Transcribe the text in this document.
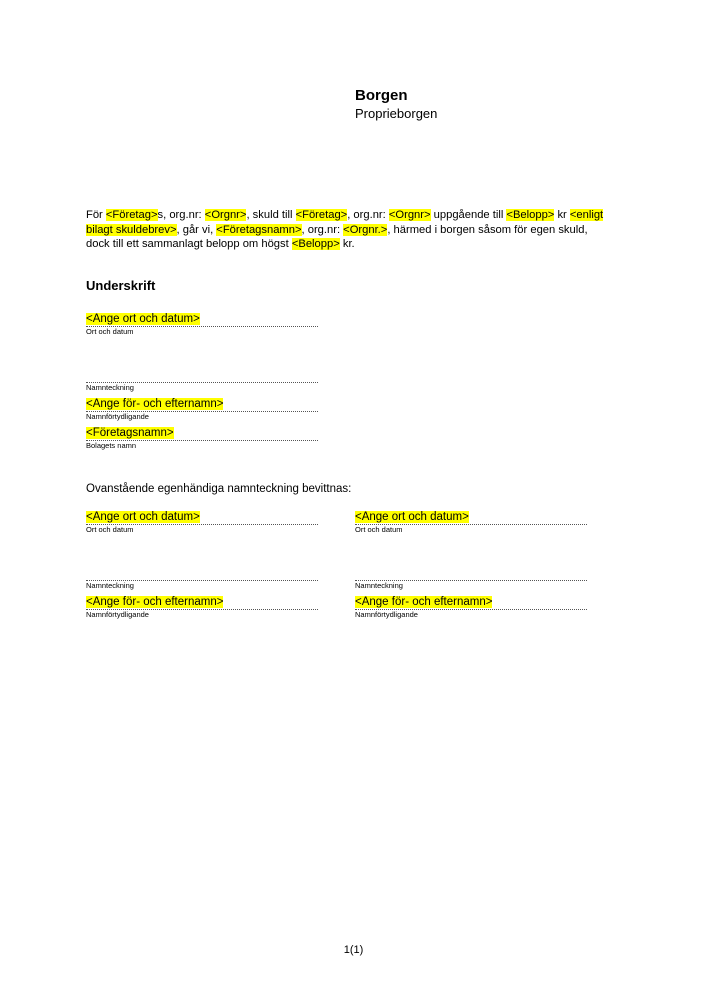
Borgen
Proprieborgen
För <Företag>s, org.nr: <Orgnr>, skuld till <Företag>, org.nr: <Orgnr> uppgående till <Belopp> kr <enligt bilagt skuldebrev>, går vi, <Företagsnamn>, org.nr: <Orgnr.>, härmed i borgen såsom för egen skuld, dock till ett sammanlagt belopp om högst <Belopp> kr.
Underskrift
<Ange ort och datum>
Ort och datum
Namnteckning
<Ange för- och efternamn>
Namnförtydligande
<Företagsnamn>
Bolagets namn
Ovanstående egenhändiga namnteckning bevittnas:
<Ange ort och datum>
Ort och datum
Namnteckning
<Ange för- och efternamn>
Namnförtydligande
<Ange ort och datum>
Ort och datum
Namnteckning
<Ange för- och efternamn>
Namnförtydligande
1(1)
